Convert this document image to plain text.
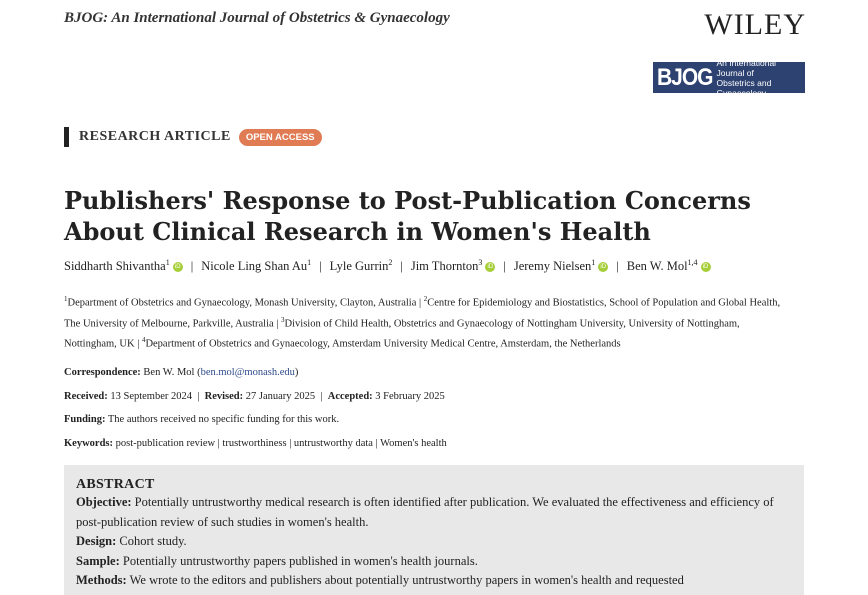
BJOG: An International Journal of Obstetrics & Gynaecology	WILEY
BJOG
An International Journal of
Obstetrics and Gynaecology
RESEARCH ARTICLE	OPEN ACCESS
Publishers' Response to Post-Publication Concerns About Clinical Research in Women's Health
Siddharth Shivantha$^1$iD | Nicole Ling Shan Au$^1$ | Lyle Gurrin$^2$ | Jim Thornton$^3$iD | Jeremy Nielsen$^1$iD | Ben W. Mol$^{1,4}$iD
$^1$Department of Obstetrics and Gynaecology, Monash University, Clayton, Australia | $^2$Centre for Epidemiology and Biostatistics, School of Population and Global Health, The University of Melbourne, Parkville, Australia | $^3$Division of Child Health, Obstetrics and Gynaecology of Nottingham University, University of Nottingham, Nottingham, UK | $^4$Department of Obstetrics and Gynaecology, Amsterdam University Medical Centre, Amsterdam, the Netherlands
Correspondence: Ben W. Mol (ben.mol@monash.edu)
Received: 13 September 2024  |  Revised: 27 January 2025  |  Accepted: 3 February 2025
Funding: The authors received no specific funding for this work.
Keywords: post-publication review | trustworthiness | untrustworthy data | Women's health
ABSTRACT
Objective: Potentially untrustworthy medical research is often identified after publication. We evaluated the effectiveness and efficiency of post-publication review of such studies in women's health.
Design: Cohort study.
Sample: Potentially untrustworthy papers published in women's health journals.
Methods: We wrote to the editors and publishers about potentially untrustworthy papers in women's health and requested
